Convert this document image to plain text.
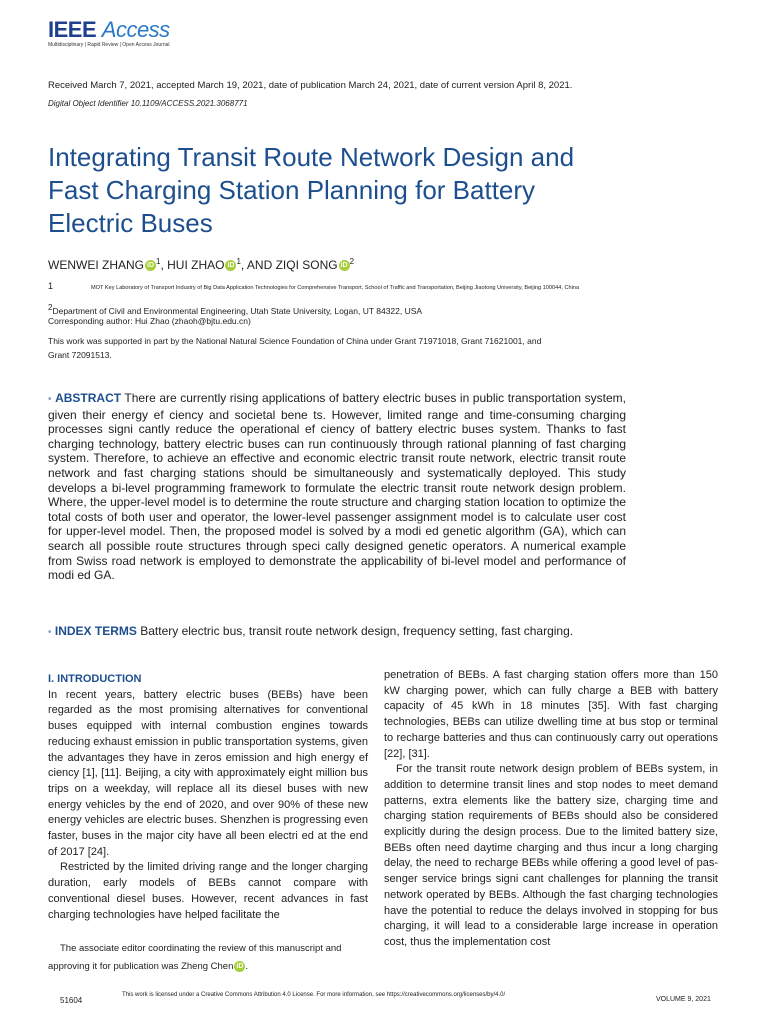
IEEE Access
Multidisciplinary | Rapid Review | Open Access Journal
Received March 7, 2021, accepted March 19, 2021, date of publication March 24, 2021, date of current version April 8, 2021.
Digital Object Identifier 10.1109/ACCESS.2021.3068771
Integrating Transit Route Network Design and Fast Charging Station Planning for Battery Electric Buses
WENWEI ZHANG iD $^1$, HUI ZHAO iD $^1$, AND ZIQI SONG iD $^2$
1	MOT Key Laboratory of Transport Industry of Big Data Application Technologies for Comprehensive Transport, School of Traffic and Transportation, Beijing Jiaotong University, Beijing 100044, China
$^2$Department of Civil and Environmental Engineering, Utah State University, Logan, UT 84322, USA
Corresponding author: Hui Zhao (zhaoh@bjtu.edu.cn)
This work was supported in part by the National Natural Science Foundation of China under Grant 71971018, Grant 71621001, and Grant 72091513.
• ABSTRACT There are currently rising applications of battery electric buses in public transportation system, given their energy ef ciency and societal bene ts. However, limited range and time-consuming charging processes signi cantly reduce the operational ef ciency of battery electric buses system. Thanks to fast charging technology, battery electric buses can run continuously through rational planning of fast charging system. Therefore, to achieve an effective and economic electric transit route network, electric transit route network and fast charging stations should be simultaneously and systematically deployed. This study develops a bi-level programming framework to formulate the electric transit route network design problem. Where, the upper-level model is to determine the route structure and charging station location to optimize the total costs of both user and operator, the lower-level passenger assignment model is to calculate user cost for upper-level model. Then, the proposed model is solved by a modi ed genetic algorithm (GA), which can search all possible route structures through speci cally designed genetic operators. A numerical example from Swiss road network is employed to demonstrate the applicability of bi-level model and performance of modi ed GA.
• INDEX TERMS Battery electric bus, transit route network design, frequency setting, fast charging.

I. INTRODUCTION

In recent years, battery electric buses (BEBs) have been regarded as the most promising alternatives for conventional buses equipped with internal combustion engines towards reducing exhaust emission in public transportation systems, given the advantages they have in zeros emission and high energy ef ciency [1], [11]. Beijing, a city with approximately eight million bus trips on a weekday, will replace all its diesel buses with new energy vehicles by the end of 2020, and over 90% of these new energy vehicles are electric buses. Shenzhen is progressing even faster, buses in the major city have all been electri ed at the end of 2017 [24].

Restricted by the limited driving range and the longer charging duration, early models of BEBs cannot compare with conventional diesel buses. However, recent advances in fast charging technologies have helped facilitate the

The associate editor coordinating the review of this manuscript and approving it for publication was Zheng Chen iD .

penetration of BEBs. A fast charging station offers more than 150 kW charging power, which can fully charge a BEB with battery capacity of 45 kWh in 18 minutes [35]. With fast charging technologies, BEBs can utilize dwelling time at bus stop or terminal to recharge batteries and thus can continuously carry out operations [22], [31].

For the transit route network design problem of BEBs system, in addition to determine transit lines and stop nodes to meet demand patterns, extra elements like the battery size, charging time and charging station requirements of BEBs should also be considered explicitly during the design process. Due to the limited battery size, BEBs often need daytime charging and thus incur a long charging delay, the need to recharge BEBs while offering a good level of pas-senger service brings signi cant challenges for planning the transit network operated by BEBs. Although the fast charging technologies have the potential to reduce the delays involved in stopping for bus charging, it will lead to a considerable large increase in operation cost, thus the implementation cost

51604
This work is licensed under a Creative Commons Attribution 4.0 License. For more information, see https://creativecommons.org/licenses/by/4.0/
VOLUME 9, 2021
